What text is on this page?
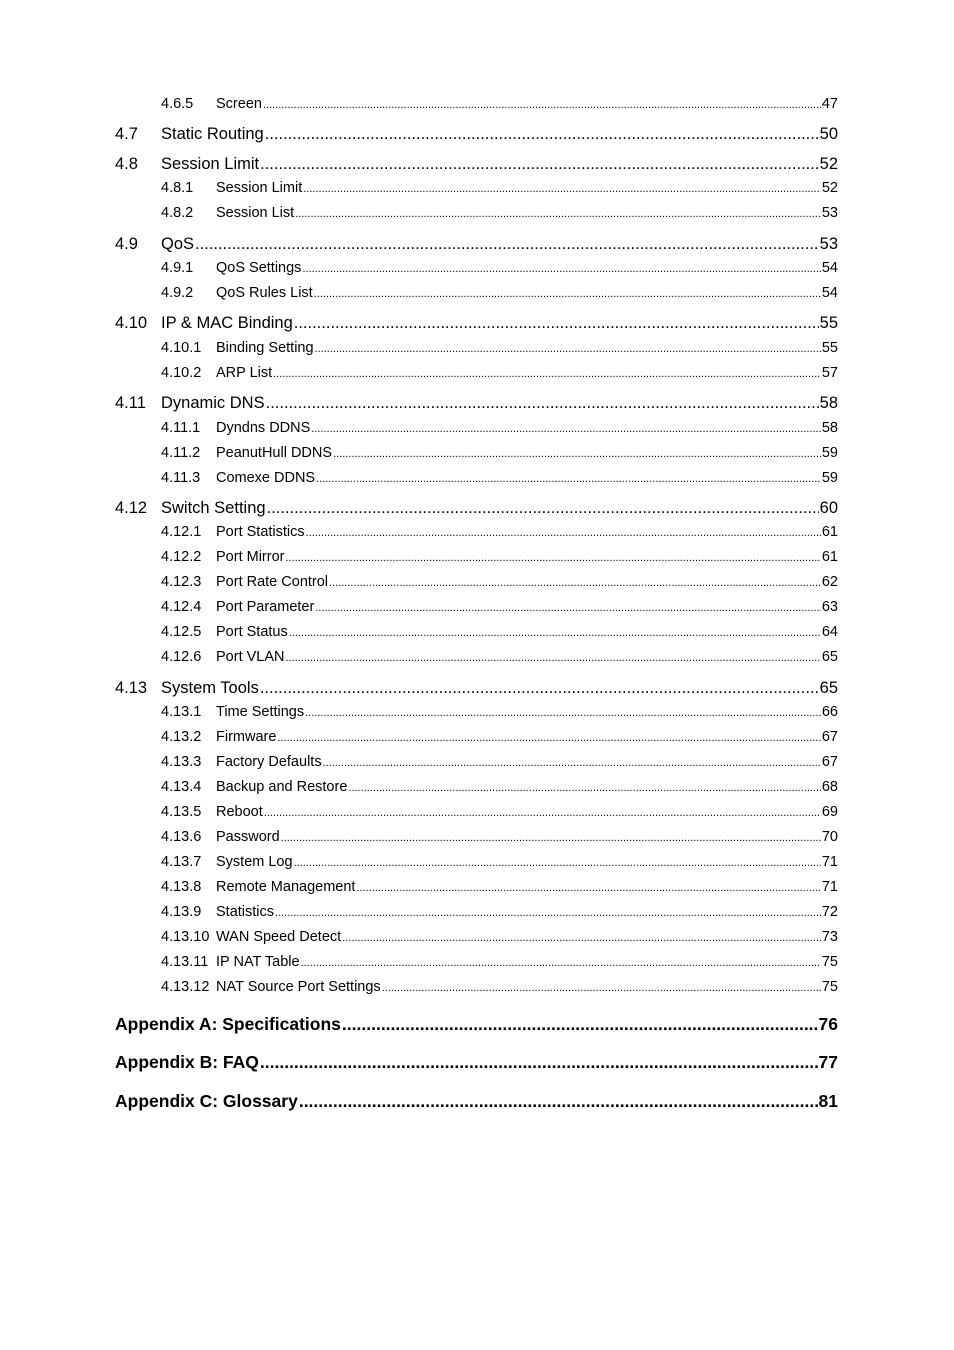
4.6.5	Screen .....	47
4.7	Static Routing .....	50
4.8	Session Limit .....	52
4.8.1	Session Limit .....	52
4.8.2	Session List .....	53
4.9	QoS .....	53
4.9.1	QoS Settings .....	54
4.9.2	QoS Rules List .....	54
4.10 IP & MAC Binding .....	55
4.10.1	Binding Setting .....	55
4.10.2	ARP List .....	57
4.11 Dynamic DNS .....	58
4.11.1	Dyndns DDNS .....	58
4.11.2	PeanutHull DDNS .....	59
4.11.3	Comexe DDNS .....	59
4.12 Switch Setting .....	60
4.12.1	Port Statistics .....	61
4.12.2	Port Mirror .....	61
4.12.3	Port Rate Control .....	62
4.12.4	Port Parameter .....	63
4.12.5	Port Status .....	64
4.12.6	Port VLAN .....	65
4.13 System Tools .....	65
4.13.1	Time Settings .....	66
4.13.2	Firmware .....	67
4.13.3	Factory Defaults .....	67
4.13.4	Backup and Restore .....	68
4.13.5	Reboot .....	69
4.13.6	Password .....	70
4.13.7	System Log .....	71
4.13.8	Remote Management .....	71
4.13.9	Statistics .....	72
4.13.10 WAN Speed Detect .....	73
4.13.11 IP NAT Table .....	75
4.13.12 NAT Source Port Settings .....	75
Appendix A: Specifications .....	76
Appendix B: FAQ .....	77
Appendix C: Glossary .....	81
